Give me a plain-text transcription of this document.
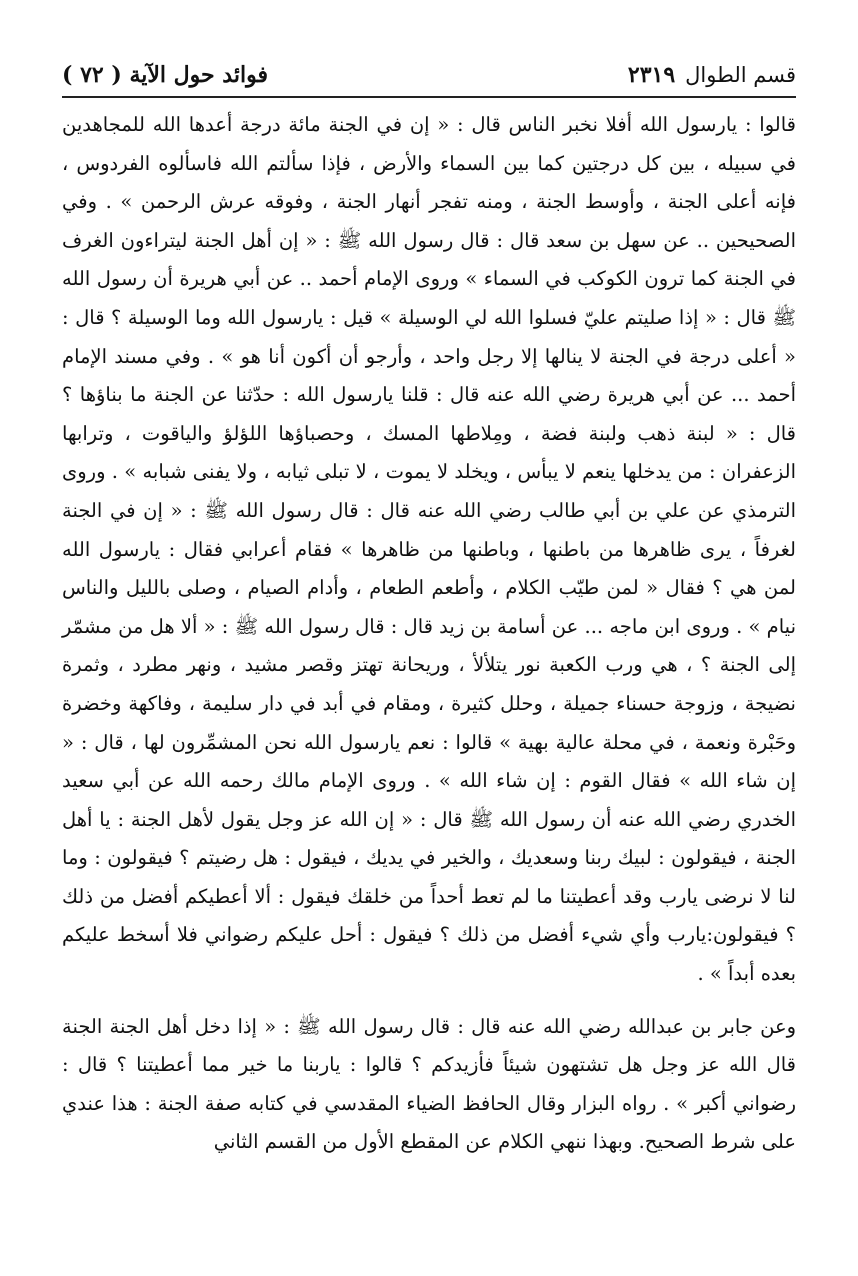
فوائد حول الآية ( ٧٢ )	قسم الطوال
٢٣١٩

قالوا : يارسول الله أفلا نخبر الناس قال : « إن في الجنة مائة درجة أعدها الله للمجاهدين في سبيله ، بين كل درجتين كما بين السماء والأرض ، فإذا سألتم الله فاسألوه الفردوس ، فإنه أعلى الجنة ، وأوسط الجنة ، ومنه تفجر أنهار الجنة ، وفوقه عرش الرحمن » . وفي الصحيحين .. عن سهل بن سعد قال : قال رسول الله ﷺ : « إن أهل الجنة ليتراءون الغرف في الجنة كما ترون الكوكب في السماء » وروى الإمام أحمد .. عن أبي هريرة أن رسول الله ﷺ قال : « إذا صليتم عليّ فسلوا الله لي الوسيلة » قيل : يارسول الله وما الوسيلة ؟ قال : « أعلى درجة في الجنة لا ينالها إلا رجل واحد ، وأرجو أن أكون أنا هو » . وفي مسند الإمام أحمد ... عن أبي هريرة رضي الله عنه قال : قلنا يارسول الله : حدّثنا عن الجنة ما بناؤها ؟ قال : « لبنة ذهب ولبنة فضة ، ومِلاطها المسك ، وحصباؤها اللؤلؤ والياقوت ، وترابها الزعفران : من يدخلها ينعم لا يبأس ، ويخلد لا يموت ، لا تبلى ثيابه ، ولا يفنى شبابه » . وروى الترمذي عن علي بن أبي طالب رضي الله عنه قال : قال رسول الله ﷺ : « إن في الجنة لغرفاً ، يرى ظاهرها من باطنها ، وباطنها من ظاهرها » فقام أعرابي فقال : يارسول الله لمن هي ؟ فقال « لمن طيّب الكلام ، وأطعم الطعام ، وأدام الصيام ، وصلى بالليل والناس نيام » . وروى ابن ماجه ... عن أسامة بن زيد قال : قال رسول الله ﷺ : « ألا هل من مشمّر إلى الجنة ؟ ، هي ورب الكعبة نور يتلألأ ، وريحانة تهتز وقصر مشيد ، ونهر مطرد ، وثمرة نضيجة ، وزوجة حسناء جميلة ، وحلل كثيرة ، ومقام في أبد في دار سليمة ، وفاكهة وخضرة وحَبْرة ونعمة ، في محلة عالية بهية » قالوا : نعم يارسول الله نحن المشمِّرون لها ، قال : « إن شاء الله » فقال القوم : إن شاء الله » . وروى الإمام مالك رحمه الله عن أبي سعيد الخدري رضي الله عنه أن رسول الله ﷺ قال : « إن الله عز وجل يقول لأهل الجنة : يا أهل الجنة ، فيقولون : لبيك ربنا وسعديك ، والخير في يديك ، فيقول : هل رضيتم ؟ فيقولون : وما لنا لا نرضى يارب وقد أعطيتنا ما لم تعط أحداً من خلقك فيقول : ألا أعطيكم أفضل من ذلك ؟ فيقولون:يارب وأي شيء أفضل من ذلك ؟ فيقول : أحل عليكم رضواني فلا أسخط عليكم بعده أبداً » .

وعن جابر بن عبدالله رضي الله عنه قال : قال رسول الله ﷺ : « إذا دخل أهل الجنة الجنة قال الله عز وجل هل تشتهون شيئاً فأزيدكم ؟ قالوا : ياربنا ما خير مما أعطيتنا ؟ قال : رضواني أكبر » . رواه البزار وقال الحافظ الضياء المقدسي في كتابه صفة الجنة : هذا عندي على شرط الصحيح. وبهذا ننهي الكلام عن المقطع الأول من القسم الثاني
